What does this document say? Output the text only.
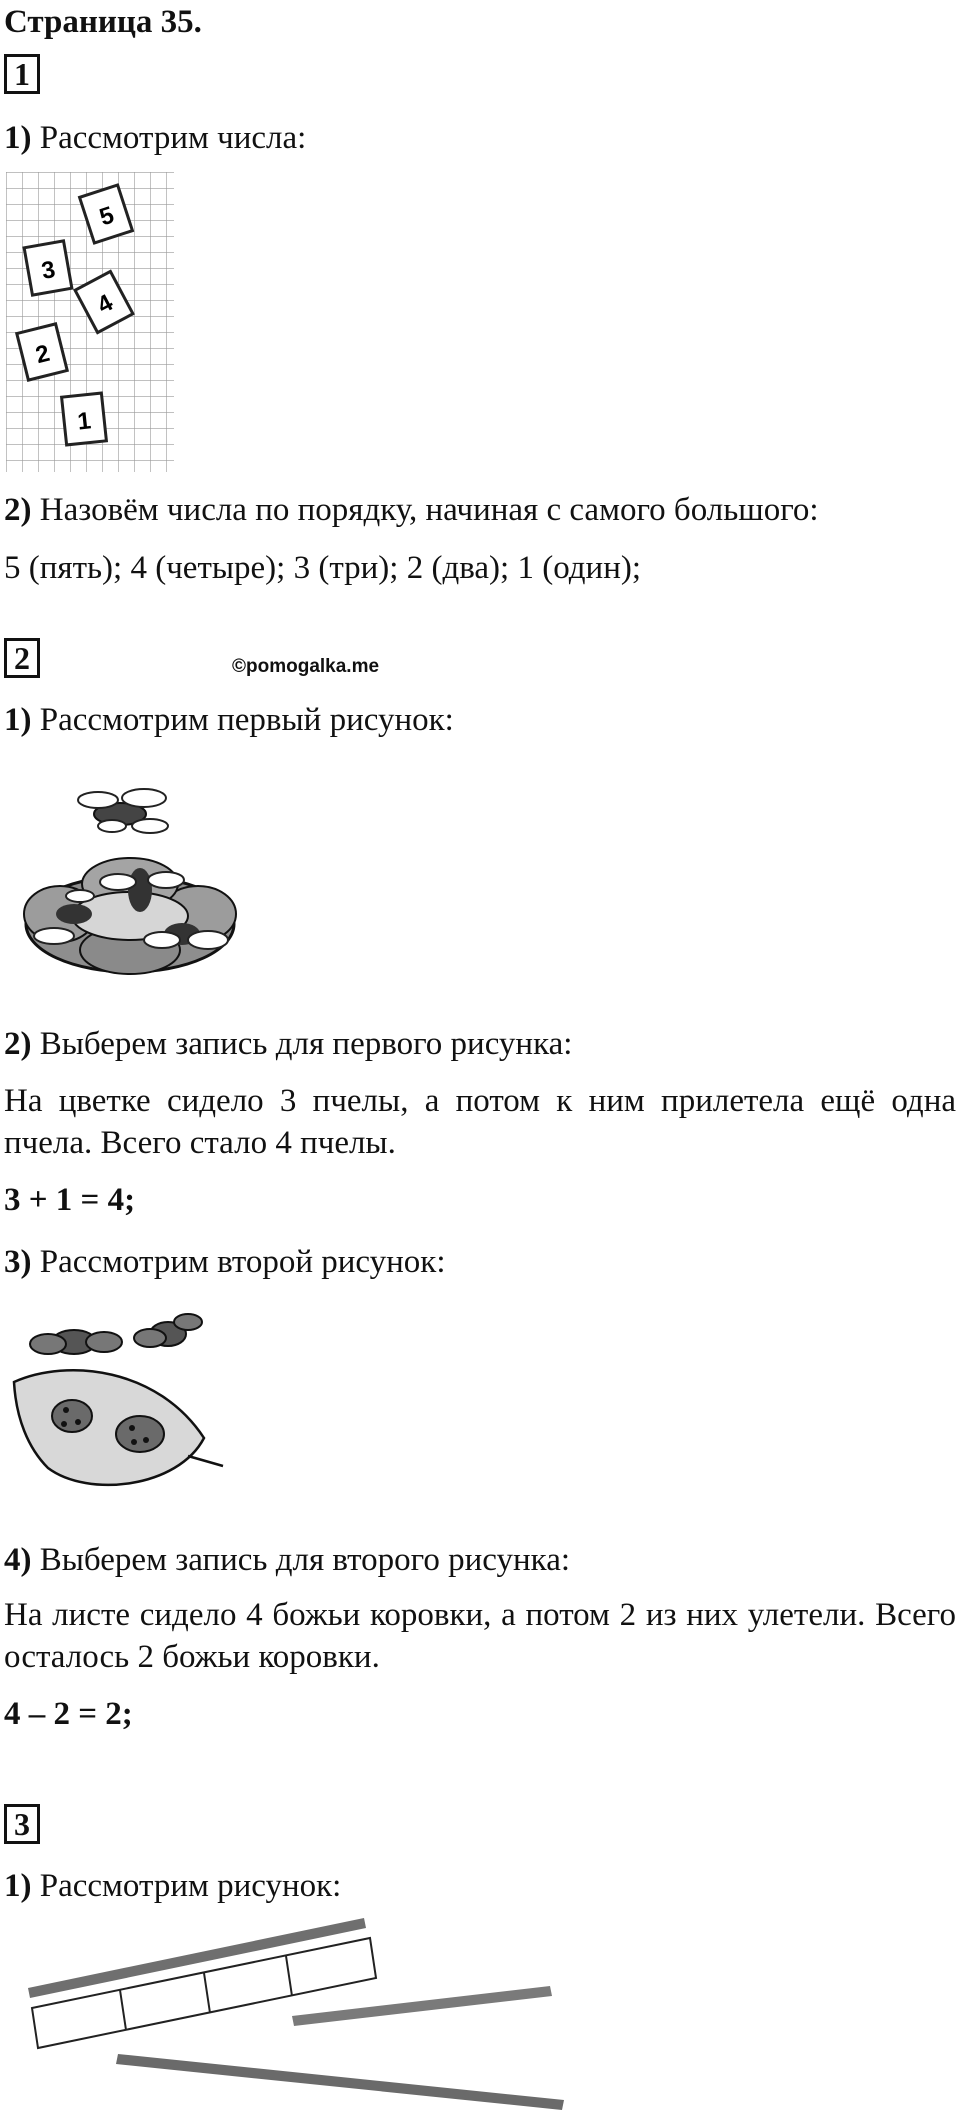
Страница 35.
1
1) Рассмотрим числа:
5
3
4
2
1
2) Назовём числа по порядку, начиная с самого большого:
5 (пять); 4 (четыре); 3 (три); 2 (два); 1 (один);
2	©pomogalka.me
1) Рассмотрим первый рисунок:
2) Выберем запись для первого рисунка:
На цветке сидело 3 пчелы, а потом к ним прилетела ещё одна пчела. Всего стало 4 пчелы.
3 + 1 = 4;
3) Рассмотрим второй рисунок:
4) Выберем запись для второго рисунка:
На листе сидело 4 божьи коровки, а потом 2 из них улетели. Всего осталось 2 божьи коровки.
4 – 2 = 2;
3
1) Рассмотрим рисунок:
